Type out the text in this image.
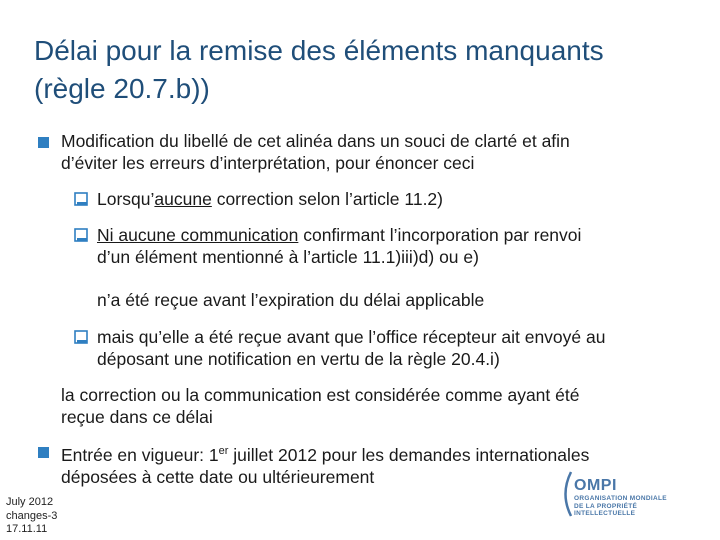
Délai pour la remise des éléments manquants
(règle 20.7.b))
Modification du libellé de cet alinéa dans un souci de clarté et afin
d’éviter les erreurs d’interprétation, pour énoncer ceci
Lorsqu’aucune correction selon l’article 11.2)
Ni aucune communication confirmant l’incorporation par renvoi
d’un élément mentionné à l’article 11.1)iii)d) ou e)
n’a été reçue avant l’expiration du délai applicable
mais qu’elle a été reçue avant que l’office récepteur ait envoyé au
déposant une notification en vertu de la règle 20.4.i)
la correction ou la communication est considérée comme ayant été
reçue dans ce délai
Entrée en vigueur: 1er juillet 2012 pour les demandes internationales
déposées à cette date ou ultérieurement
July 2012
changes-3
17.11.11
OMPI
ORGANISATION MONDIALE
DE LA PROPRIÉTÉ
INTELLECTUELLE
